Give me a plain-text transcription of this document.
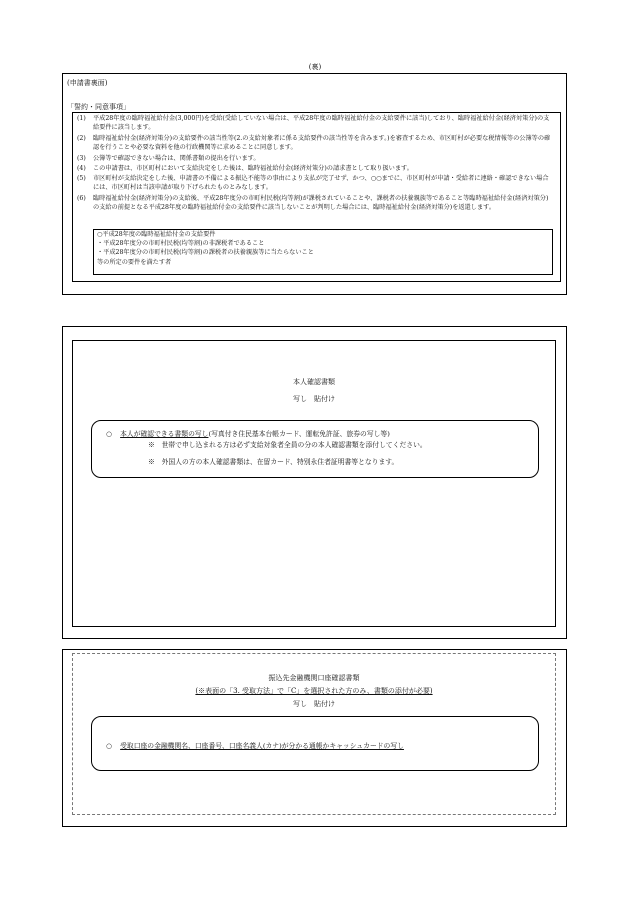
(裏)
(申請書裏面)
「誓約・同意事項」
(1)	平成28年度の臨時福祉給付金(3,000円)を受給(受給していない場合は、平成28年度の臨時福祉給付金の支給要件に該当)しており、臨時福祉給付金(経済対策分)の支給要件に該当します。
(2)	臨時福祉給付金(経済対策分)の支給要件の該当性等(2.の支給対象者に係る支給要件の該当性等を含みます。)を審査するため、市区町村が必要な税情報等の公簿等の確認を行うことや必要な資料を他の行政機関等に求めることに同意します。
(3)	公簿等で確認できない場合は、関係書類の提出を行います。
(4)	この申請書は、市区町村において支給決定をした後は、臨時福祉給付金(経済対策分)の請求書として取り扱います。
(5)	市区町村が支給決定をした後、申請書の不備による振込不能等の事由により支払が完了せず、かつ、○○までに、市区町村が申請・受給者に連絡・確認できない場合には、市区町村は当該申請が取り下げられたものとみなします。
(6)	臨時福祉給付金(経済対策分)の支給後、平成28年度分の市町村民税(均等割)が課税されていることや、課税者の扶養親族等であること等臨時福祉給付金(経済対策分)の支給の前提となる平成28年度の臨時福祉給付金の支給要件に該当しないことが判明した場合には、臨時福祉給付金(経済対策分)を返還します。
○平成28年度の臨時福祉給付金の支給要件
・平成28年度分の市町村民税(均等割)の非課税者であること
・平成28年度分の市町村民税(均等割)の課税者の扶養親族等に当たらないこと
等の所定の要件を満たす者
本人確認書類
写し　貼付け
○ 本人が確認できる書類の写し(写真付き住民基本台帳カード、運転免許証、旅券の写し等)
※　世帯で申し込まれる方は必ず支給対象者全員の分の本人確認書類を添付してください。
※　外国人の方の本人確認書類は、在留カード、特別永住者証明書等となります。
振込先金融機関口座確認書類
(※表面の「3. 受取方法」で「C」を選択された方のみ、書類の添付が必要)
写し　貼付け
○ 受取口座の金融機関名、口座番号、口座名義人(カナ)が分かる通帳かキャッシュカードの写し
